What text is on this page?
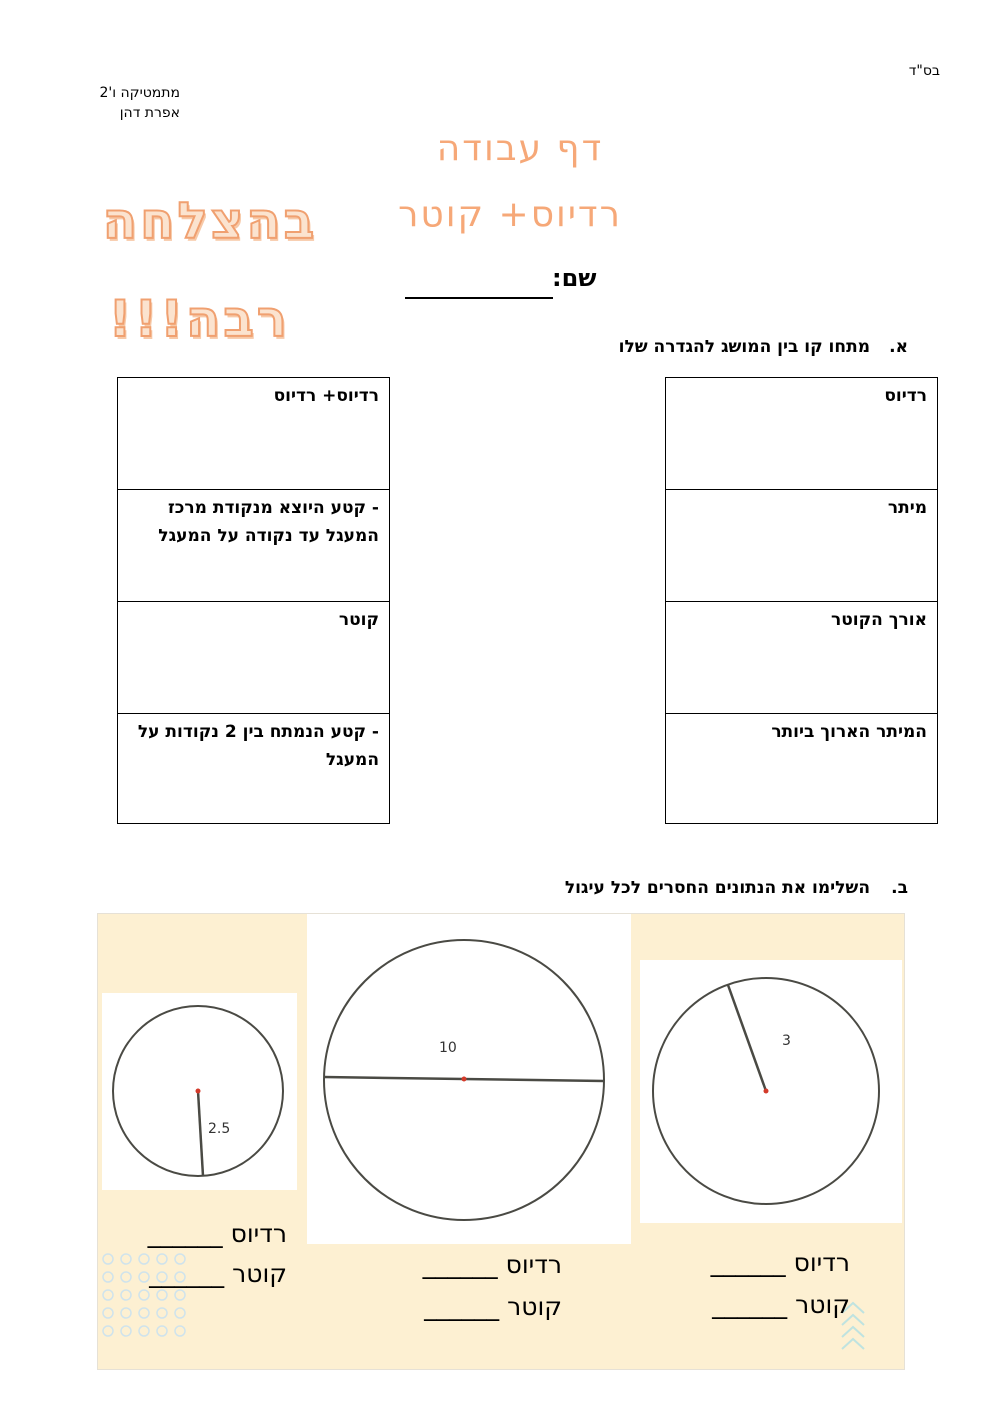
בס"ד
מתמטיקה ו'2
אפרת דהן
דף עבודה
רדיוס+ קוטר
בהצלחה
רבה!!!
שם:
א.
מתחו קו בין המושג להגדרה שלו
רדיוס+ רדיוס
- קטע היוצא מנקודת מרכז המעגל עד נקודה על המעגל
קוטר
- קטע הנמתח בין 2 נקודות על המעגל
רדיוס
מיתר
אורך הקוטר
המיתר הארוך ביותר
ב.
השלימו את הנתונים החסרים לכל עיגול
3
10
2.5
רדיוס ______
קוטר ______
רדיוס ______
קוטר ______
רדיוס ______
קוטר ______
